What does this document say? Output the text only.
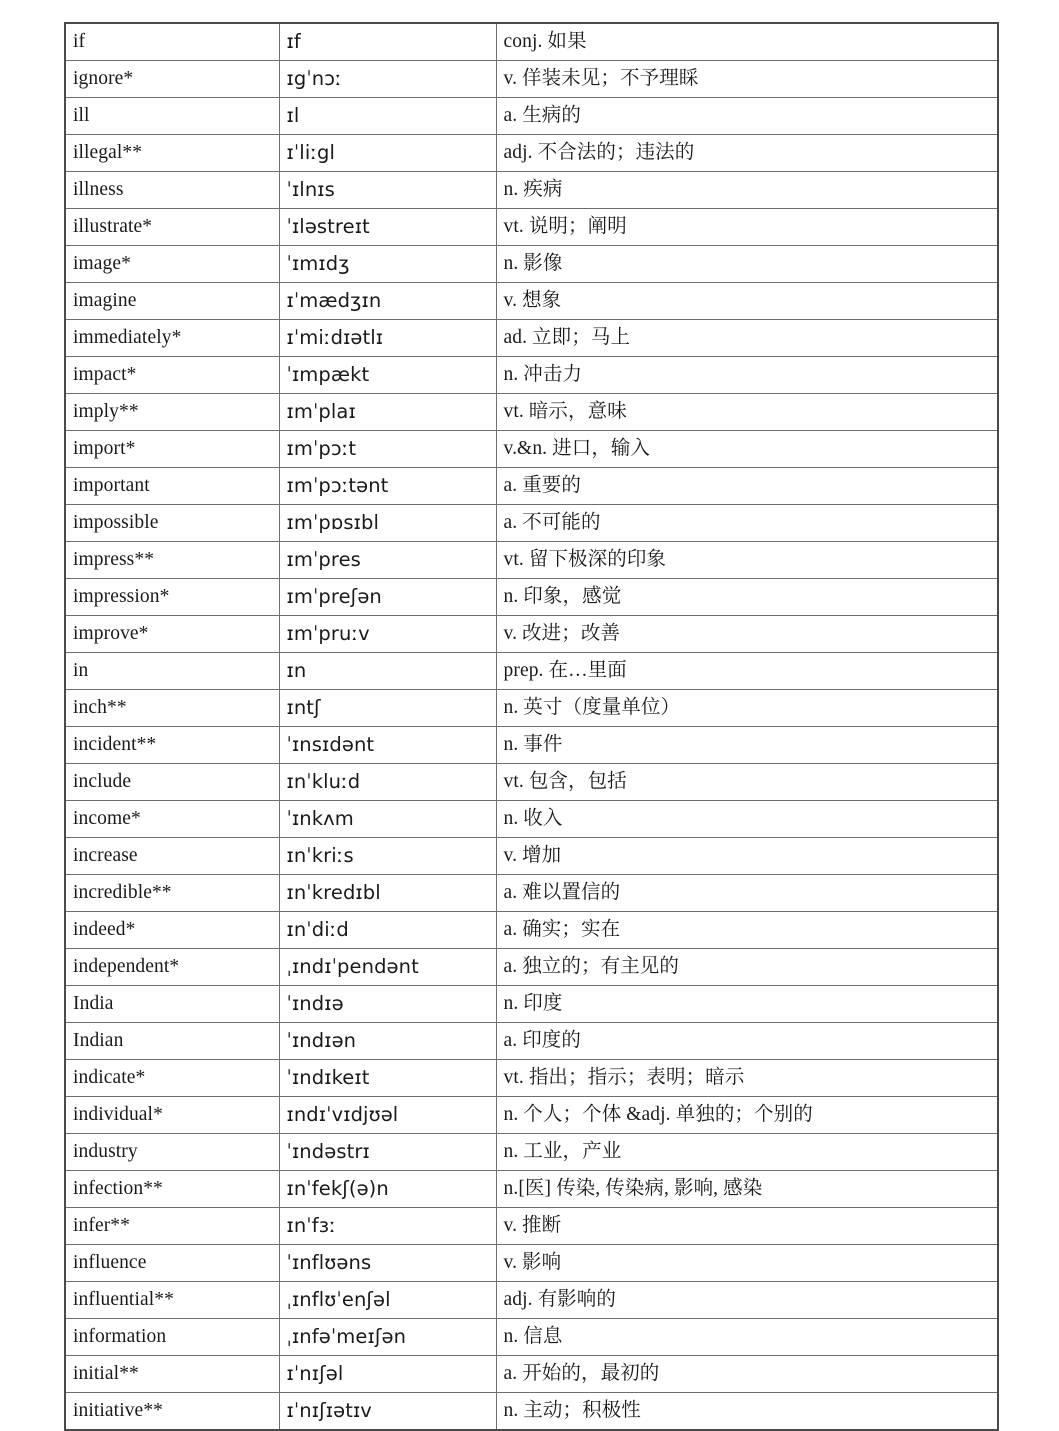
if	ɪf	conj. 如果
ignore*	ɪgˈnɔː	v. 佯装未见；不予理睬
ill	ɪl	a. 生病的
illegal**	ɪˈliːgl	adj. 不合法的；违法的
illness	ˈɪlnɪs	n. 疾病
illustrate*	ˈɪləstreɪt	vt. 说明；阐明
image*	ˈɪmɪdʒ	n. 影像
imagine	ɪˈmædʒɪn	v. 想象
immediately*	ɪˈmiːdɪətlɪ	ad. 立即；马上
impact*	ˈɪmpækt	n. 冲击力
imply**	ɪmˈplaɪ	vt. 暗示，意味
import*	ɪmˈpɔːt	v.&n. 进口，输入
important	ɪmˈpɔːtənt	a. 重要的
impossible	ɪmˈpɒsɪbl	a. 不可能的
impress**	ɪmˈpres	vt. 留下极深的印象
impression*	ɪmˈpreʃən	n. 印象，感觉
improve*	ɪmˈpruːv	v. 改进；改善
in	ɪn	prep. 在…里面
inch**	ɪntʃ	n. 英寸（度量单位）
incident**	ˈɪnsɪdənt	n. 事件
include	ɪnˈkluːd	vt. 包含，包括
income*	ˈɪnkʌm	n. 收入
increase	ɪnˈkriːs	v. 增加
incredible**	ɪnˈkredɪbl	a. 难以置信的
indeed*	ɪnˈdiːd	a. 确实；实在
independent*	ˌɪndɪˈpendənt	a. 独立的；有主见的
India	ˈɪndɪə	n. 印度
Indian	ˈɪndɪən	a. 印度的
indicate*	ˈɪndɪkeɪt	vt. 指出；指示；表明；暗示
individual*	ɪndɪˈvɪdjʊəl	n. 个人；个体 &adj. 单独的；个别的
industry	ˈɪndəstrɪ	n. 工业，产业
infection**	ɪnˈfekʃ(ə)n	n.[医] 传染, 传染病, 影响, 感染
infer**	ɪnˈfɜː	v. 推断
influence	ˈɪnflʊəns	v. 影响
influential**	ˌɪnflʊˈenʃəl	adj. 有影响的
information	ˌɪnfəˈmeɪʃən	n. 信息
initial**	ɪˈnɪʃəl	a. 开始的，最初的
initiative**	ɪˈnɪʃɪətɪv	n. 主动；积极性
